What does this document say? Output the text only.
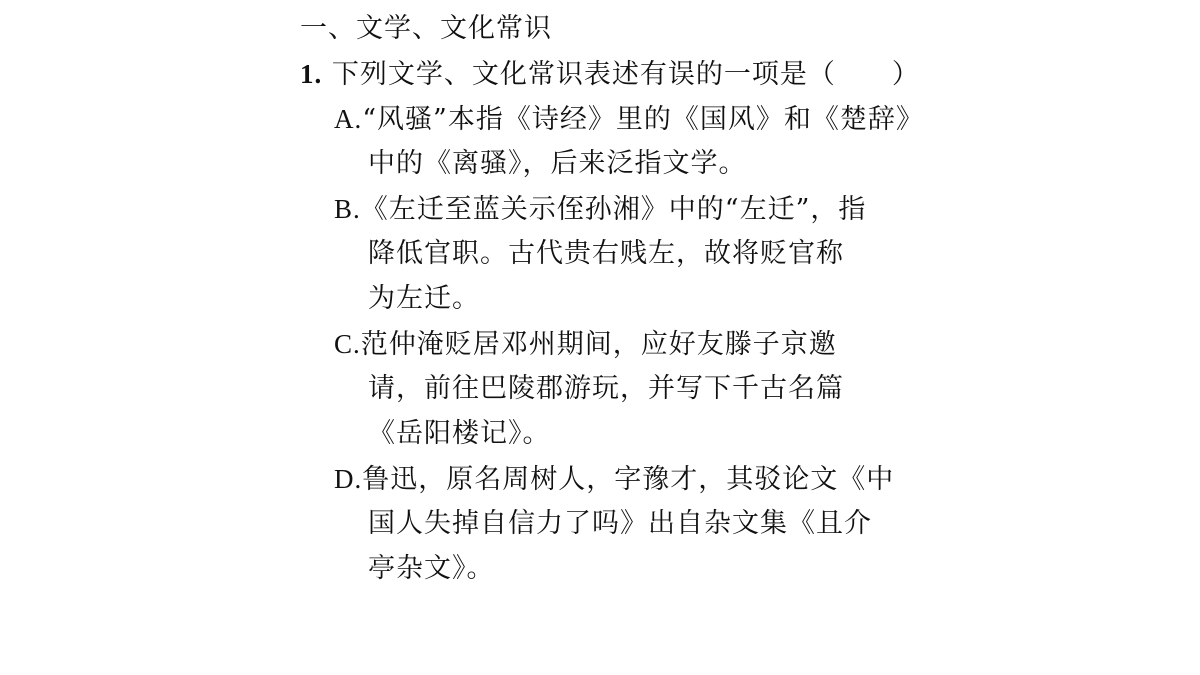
一、文学、文化常识
1. 下列文学、文化常识表述有误的一项是（　　）
A.“风骚”本指《诗经》里的《国风》和《楚辞》
中的《离骚》，后来泛指文学。
B.《左迁至蓝关示侄孙湘》中的“左迁”，指
降低官职。古代贵右贱左，故将贬官称
为左迁。
C.范仲淹贬居邓州期间，应好友滕子京邀
请，前往巴陵郡游玩，并写下千古名篇
《岳阳楼记》。
D.鲁迅，原名周树人，字豫才，其驳论文《中
国人失掉自信力了吗》出自杂文集《且介
亭杂文》。
